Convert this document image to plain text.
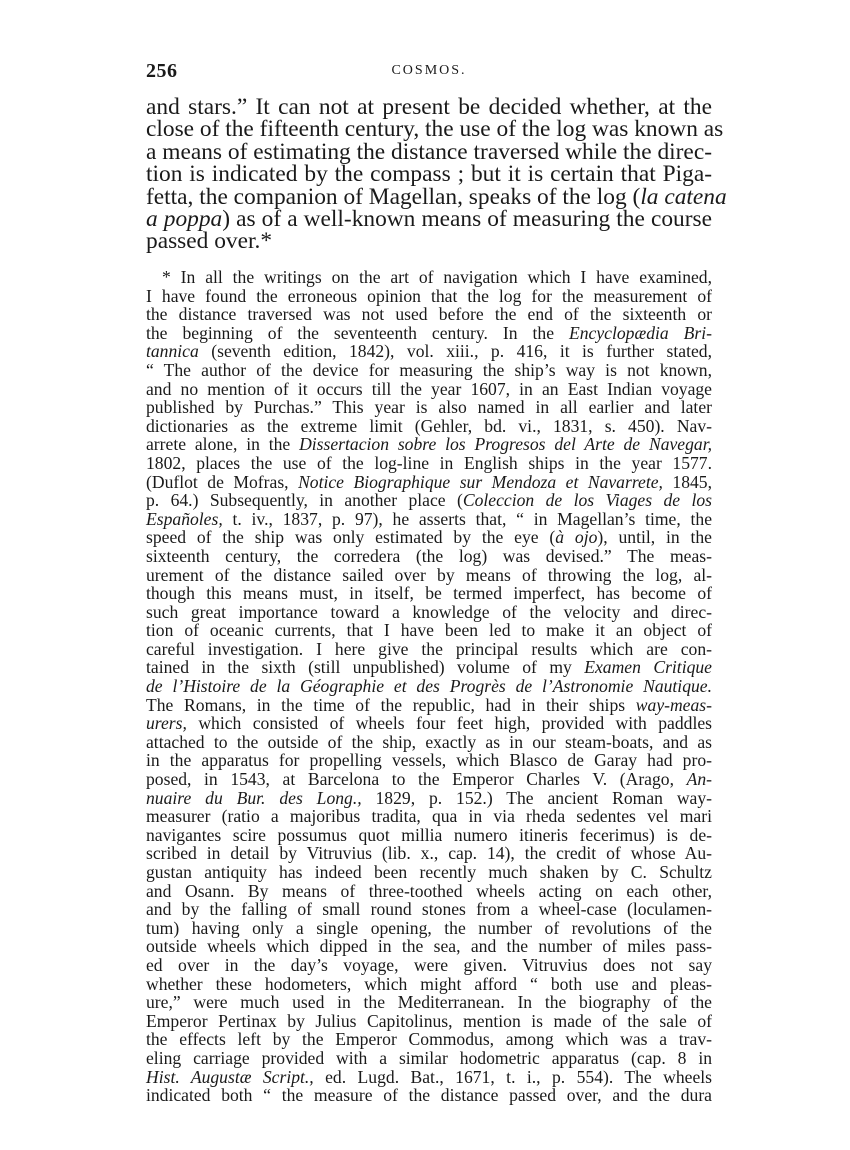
256	COSMOS.
and stars.” It can not at present be decided whether, at the
close of the fifteenth century, the use of the log was known as
a means of estimating the distance traversed while the direc-
tion is indicated by the compass ; but it is certain that Piga-
fetta, the companion of Magellan, speaks of the log (la catena
a poppa) as of a well-known means of measuring the course
passed over.*
* In all the writings on the art of navigation which I have examined,
I have found the erroneous opinion that the log for the measurement of
the distance traversed was not used before the end of the sixteenth or
the beginning of the seventeenth century. In the Encyclopædia Bri-
tannica (seventh edition, 1842), vol. xiii., p. 416, it is further stated,
“ The author of the device for measuring the ship’s way is not known,
and no mention of it occurs till the year 1607, in an East Indian voyage
published by Purchas.” This year is also named in all earlier and later
dictionaries as the extreme limit (Gehler, bd. vi., 1831, s. 450). Nav-
arrete alone, in the Dissertacion sobre los Progresos del Arte de Navegar,
1802, places the use of the log-line in English ships in the year 1577.
(Duflot de Mofras, Notice Biographique sur Mendoza et Navarrete, 1845,
p. 64.) Subsequently, in another place (Coleccion de los Viages de los
Españoles, t. iv., 1837, p. 97), he asserts that, “ in Magellan’s time, the
speed of the ship was only estimated by the eye (à ojo), until, in the
sixteenth century, the corredera (the log) was devised.” The meas-
urement of the distance sailed over by means of throwing the log, al-
though this means must, in itself, be termed imperfect, has become of
such great importance toward a knowledge of the velocity and direc-
tion of oceanic currents, that I have been led to make it an object of
careful investigation. I here give the principal results which are con-
tained in the sixth (still unpublished) volume of my Examen Critique
de l’Histoire de la Géographie et des Progrès de l’Astronomie Nautique.
The Romans, in the time of the republic, had in their ships way-meas-
urers, which consisted of wheels four feet high, provided with paddles
attached to the outside of the ship, exactly as in our steam-boats, and as
in the apparatus for propelling vessels, which Blasco de Garay had pro-
posed, in 1543, at Barcelona to the Emperor Charles V. (Arago, An-
nuaire du Bur. des Long., 1829, p. 152.) The ancient Roman way-
measurer (ratio a majoribus tradita, qua in via rheda sedentes vel mari
navigantes scire possumus quot millia numero itineris fecerimus) is de-
scribed in detail by Vitruvius (lib. x., cap. 14), the credit of whose Au-
gustan antiquity has indeed been recently much shaken by C. Schultz
and Osann. By means of three-toothed wheels acting on each other,
and by the falling of small round stones from a wheel-case (loculamen-
tum) having only a single opening, the number of revolutions of the
outside wheels which dipped in the sea, and the number of miles pass-
ed over in the day’s voyage, were given. Vitruvius does not say
whether these hodometers, which might afford “ both use and pleas-
ure,” were much used in the Mediterranean. In the biography of the
Emperor Pertinax by Julius Capitolinus, mention is made of the sale of
the effects left by the Emperor Commodus, among which was a trav-
eling carriage provided with a similar hodometric apparatus (cap. 8 in
Hist. Augustæ Script., ed. Lugd. Bat., 1671, t. i., p. 554). The wheels
indicated both “ the measure of the distance passed over, and the dura
